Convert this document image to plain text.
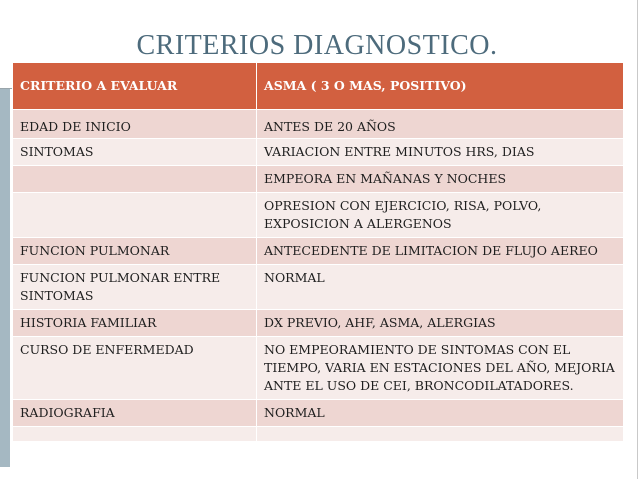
CRITERIOS DIAGNOSTICO.
CRITERIO A EVALUAR	ASMA ( 3 O MAS, POSITIVO)
EDAD DE INICIO	ANTES DE 20 AÑOS
SINTOMAS	VARIACION ENTRE MINUTOS HRS, DIAS
	EMPEORA EN MAÑANAS Y NOCHES
	OPRESION CON EJERCICIO, RISA, POLVO, EXPOSICION A ALERGENOS
FUNCION PULMONAR	ANTECEDENTE DE LIMITACION DE FLUJO AEREO
FUNCION PULMONAR ENTRE SINTOMAS	NORMAL
HISTORIA FAMILIAR	DX PREVIO, AHF, ASMA, ALERGIAS
CURSO DE ENFERMEDAD	NO EMPEORAMIENTO DE SINTOMAS CON EL TIEMPO, VARIA EN ESTACIONES DEL AÑO, MEJORIA ANTE EL USO DE CEI, BRONCODILATADORES.
RADIOGRAFIA	NORMAL
